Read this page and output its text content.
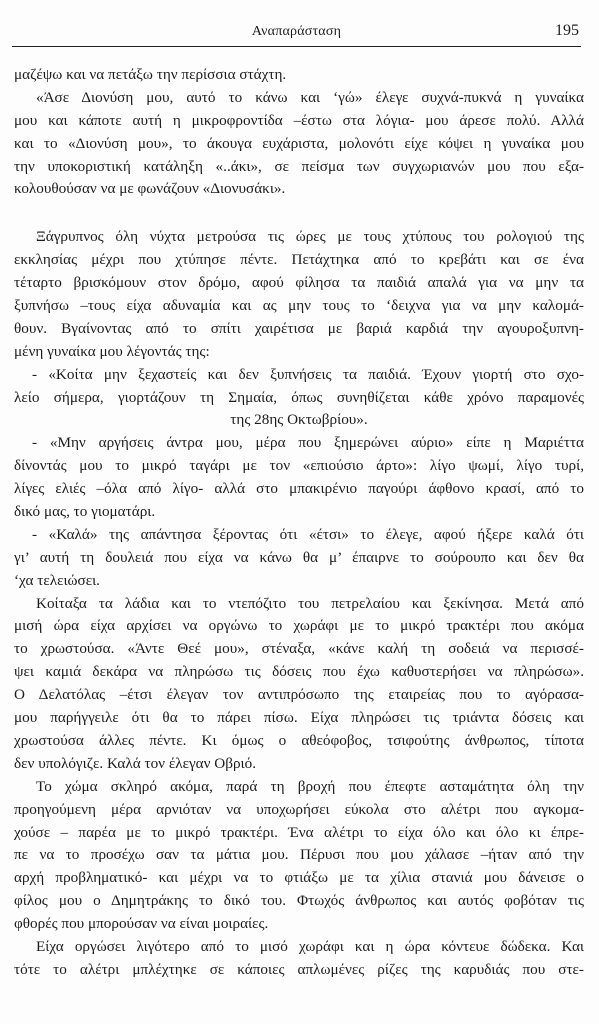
Αναπαράσταση	195
μαζέψω και να πετάξω την περίσσια στάχτη.
«Άσε Διονύση μου, αυτό το κάνω και ‘γώ» έλεγε συχνά-πυκνά η γυναίκα
μου και κάποτε αυτή η μικροφροντίδα –έστω στα λόγια- μου άρεσε πολύ. Αλλά
και το «Διονύση μου», το άκουγα ευχάριστα, μολονότι είχε κόψει η γυναίκα μου
την υποκοριστική κατάληξη «..άκι», σε πείσμα των συγχωριανών μου που εξα-
κολουθούσαν να με φωνάζουν «Διονυσάκι».
Ξάγρυπνος όλη νύχτα μετρούσα τις ώρες με τους χτύπους του ρολογιού της
εκκλησίας μέχρι που χτύπησε πέντε. Πετάχτηκα από το κρεβάτι και σε ένα
τέταρτο βρισκόμουν στον δρόμο, αφού φίλησα τα παιδιά απαλά για να μην τα
ξυπνήσω –τους είχα αδυναμία και ας μην τους το ‘δειχνα για να μην καλομά-
θουν. Βγαίνοντας από το σπίτι χαιρέτισα με βαριά καρδιά την αγουροξυπνη-
μένη γυναίκα μου λέγοντάς της:
- «Κοίτα μην ξεχαστείς και δεν ξυπνήσεις τα παιδιά. Έχουν γιορτή στο σχο-
λείο σήμερα, γιορτάζουν τη Σημαία, όπως συνηθίζεται κάθε χρόνο παραμονές
της 28ης Οκτωβρίου».
- «Μην αργήσεις άντρα μου, μέρα που ξημερώνει αύριο» είπε η Μαριέττα
δίνοντάς μου το μικρό ταγάρι με τον «επιούσιο άρτο»: λίγο ψωμί, λίγο τυρί,
λίγες ελιές –όλα από λίγο- αλλά στο μπακιρένιο παγούρι άφθονο κρασί, από το
δικό μας, το γιοματάρι.
- «Καλά» της απάντησα ξέροντας ότι «έτσι» το έλεγε, αφού ήξερε καλά ότι
γι’ αυτή τη δουλειά που είχα να κάνω θα μ’ έπαιρνε το σούρουπο και δεν θα
‘χα τελειώσει.
Κοίταξα τα λάδια και το ντεπόζιτο του πετρελαίου και ξεκίνησα. Μετά από
μισή ώρα είχα αρχίσει να οργώνω το χωράφι με το μικρό τρακτέρι που ακόμα
το χρωστούσα. «Άντε Θεέ μου», στέναξα, «κάνε καλή τη σοδειά να περισσέ-
ψει καμιά δεκάρα να πληρώσω τις δόσεις που έχω καθυστερήσει να πληρώσω».
Ο Δελατόλας –έτσι έλεγαν τον αντιπρόσωπο της εταιρείας που το αγόρασα-
μου παρήγγειλε ότι θα το πάρει πίσω. Είχα πληρώσει τις τριάντα δόσεις και
χρωστούσα άλλες πέντε. Κι όμως ο αθεόφοβος, τσιφούτης άνθρωπος, τίποτα
δεν υπολόγιζε. Καλά τον έλεγαν Οβριό.
Το χώμα σκληρό ακόμα, παρά τη βροχή που έπεφτε ασταμάτητα όλη την
προηγούμενη μέρα αρνιόταν να υποχωρήσει εύκολα στο αλέτρι που αγκομα-
χούσε – παρέα με το μικρό τρακτέρι. Ένα αλέτρι το είχα όλο και όλο κι έπρε-
πε να το προσέχω σαν τα μάτια μου. Πέρυσι που μου χάλασε –ήταν από την
αρχή προβληματικό- και μέχρι να το φτιάξω με τα χίλια στανιά μου δάνεισε ο
φίλος μου ο Δημητράκης το δικό του. Φτωχός άνθρωπος και αυτός φοβόταν τις
φθορές που μπορούσαν να είναι μοιραίες.
Είχα οργώσει λιγότερο από το μισό χωράφι και η ώρα κόντευε δώδεκα. Και
τότε το αλέτρι μπλέχτηκε σε κάποιες απλωμένες ρίζες της καρυδιάς που στε-
